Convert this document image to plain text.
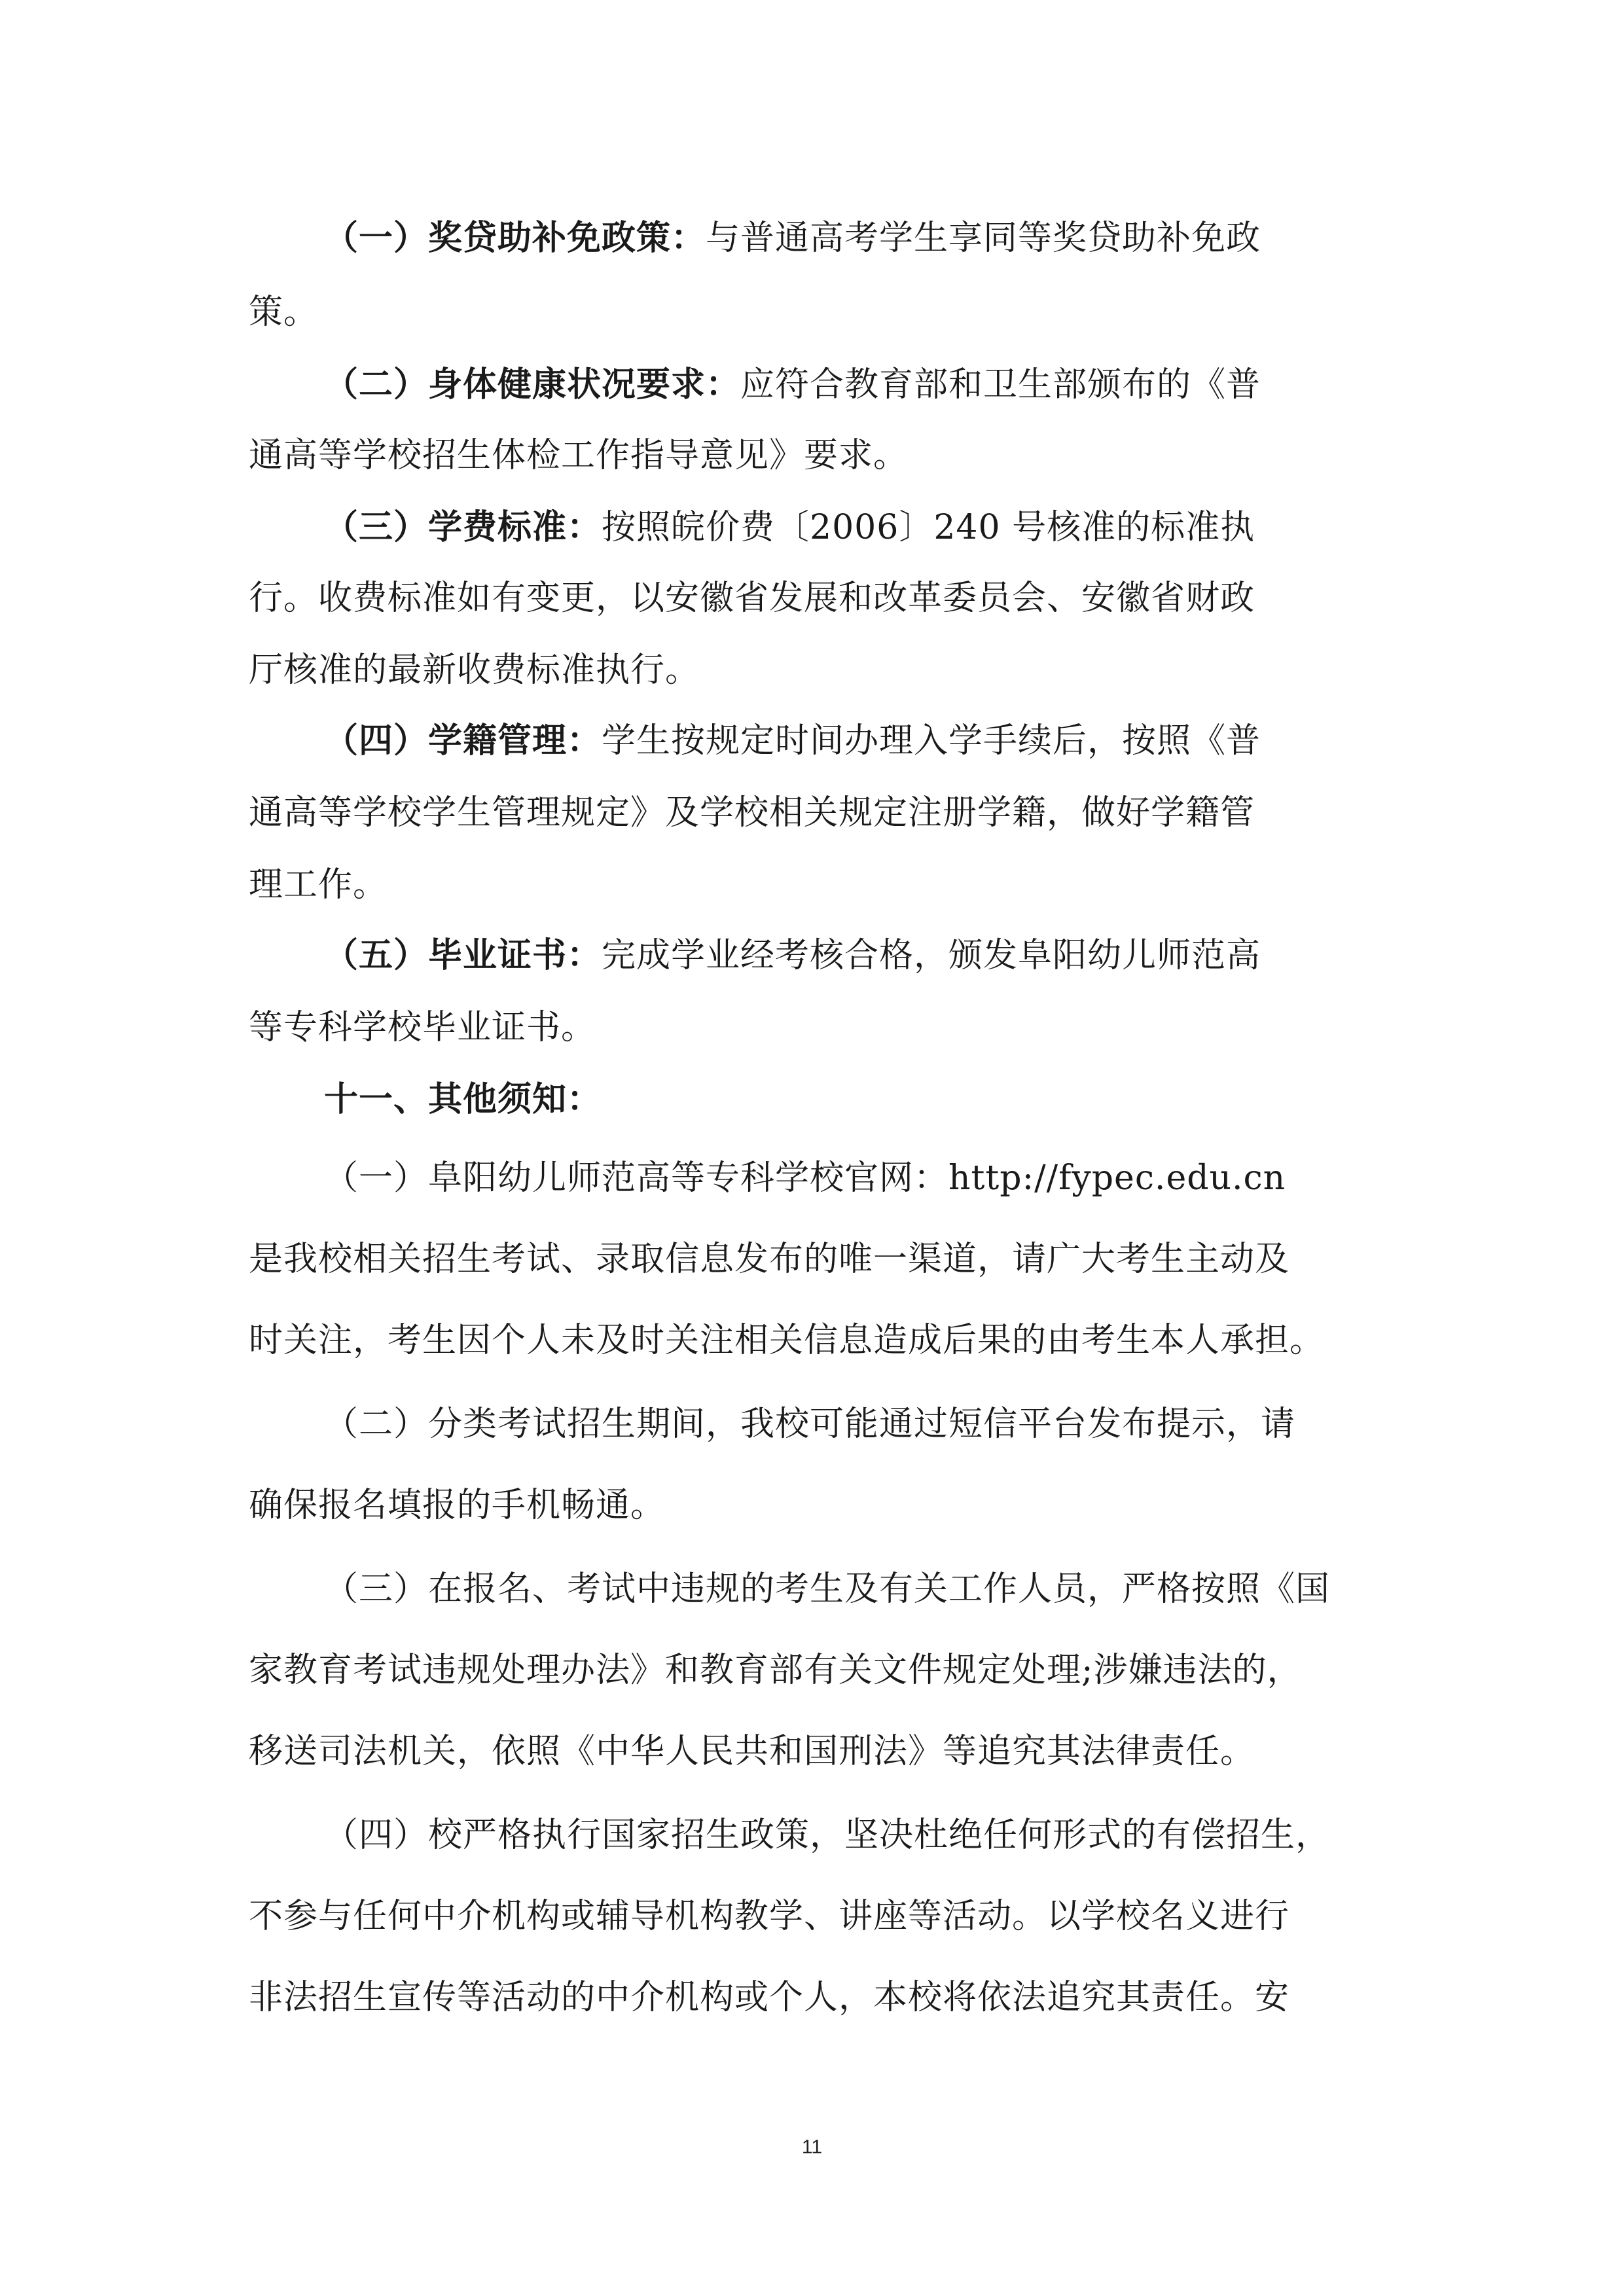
（一）奖贷助补免政策：与普通高考学生享同等奖贷助补免政
策。
（二）身体健康状况要求：应符合教育部和卫生部颁布的《普
通高等学校招生体检工作指导意见》要求。
（三）学费标准：按照皖价费〔2006〕240 号核准的标准执
行。收费标准如有变更，以安徽省发展和改革委员会、安徽省财政
厅核准的最新收费标准执行。
（四）学籍管理：学生按规定时间办理入学手续后，按照《普
通高等学校学生管理规定》及学校相关规定注册学籍，做好学籍管
理工作。
（五）毕业证书：完成学业经考核合格，颁发阜阳幼儿师范高
等专科学校毕业证书。
十一、其他须知：
（一）阜阳幼儿师范高等专科学校官网：http://fypec.edu.cn
是我校相关招生考试、录取信息发布的唯一渠道，请广大考生主动及
时关注，考生因个人未及时关注相关信息造成后果的由考生本人承担。
（二）分类考试招生期间，我校可能通过短信平台发布提示，请
确保报名填报的手机畅通。
（三）在报名、考试中违规的考生及有关工作人员，严格按照《国
家教育考试违规处理办法》和教育部有关文件规定处理;涉嫌违法的，
移送司法机关，依照《中华人民共和国刑法》等追究其法律责任。
（四）校严格执行国家招生政策，坚决杜绝任何形式的有偿招生，
不参与任何中介机构或辅导机构教学、讲座等活动。以学校名义进行
非法招生宣传等活动的中介机构或个人，本校将依法追究其责任。安
11
